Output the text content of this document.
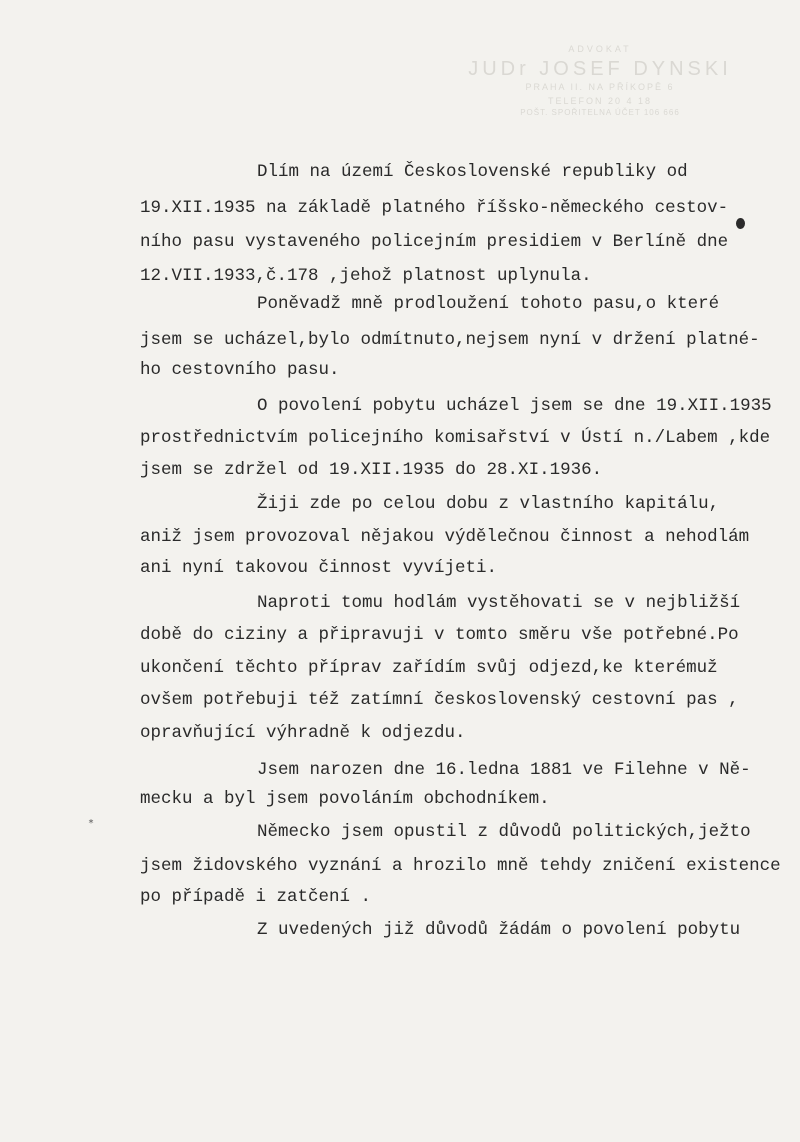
ADVOKAT
JUDr JOSEF DYNSKI
PRAHA II. NA PŘÍKOPĚ 6
TELEFON 20 4 18
POŠT. SPOŘITELNA ÚČET 106 666
*
Dlím na území Československé republiky od
19.XII.1935 na základě platného říšsko-německého cestov-
ního pasu vystaveného policejním presidiem v Berlíně dne
12.VII.1933,č.178 ,jehož platnost uplynula.
Poněvadž mně prodloužení tohoto pasu,o které
jsem se ucházel,bylo odmítnuto,nejsem nyní v držení platné-
ho cestovního pasu.
O povolení pobytu ucházel jsem se dne 19.XII.1935
prostřednictvím policejního komisařství v Ústí n./Labem ,kde
jsem se zdržel od 19.XII.1935 do 28.XI.1936.
Žiji zde po celou dobu z vlastního kapitálu,
aniž jsem provozoval nějakou výdělečnou činnost a nehodlám
ani nyní takovou činnost vyvíjeti.
Naproti tomu hodlám vystěhovati se v nejbližší
době do ciziny a připravuji v tomto směru vše potřebné.Po
ukončení těchto příprav zařídím svůj odjezd,ke kterémuž
ovšem potřebuji též zatímní československý cestovní pas ,
opravňující výhradně k odjezdu.
Jsem narozen dne 16.ledna 1881 ve Filehne v Ně-
mecku a byl jsem povoláním obchodníkem.
Německo jsem opustil z důvodů politických,ježto
jsem židovského vyznání a hrozilo mně tehdy zničení existence
po případě i zatčení .
Z uvedených již důvodů žádám o povolení pobytu
